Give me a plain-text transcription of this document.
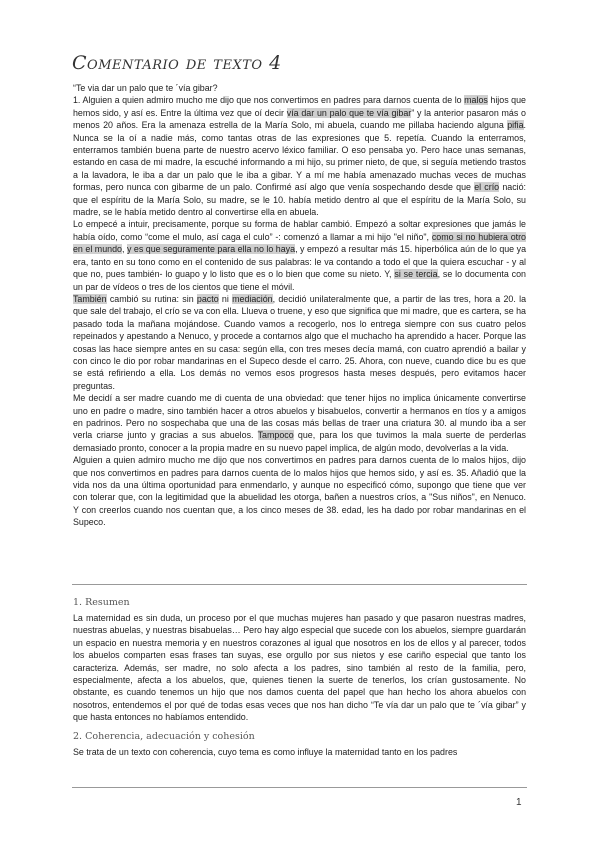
Comentario de texto 4

“Te via dar un palo que te ´vía gibar?

1. Alguien a quien admiro mucho me dijo que nos convertimos en padres para darnos cuenta de lo malos hijos que hemos sido, y así es. Entre la última vez que oí decir vía dar un palo que te vía gibar” y la anterior pasaron más o menos 20 años. Era la amenaza estrella de la María Solo, mi abuela, cuando me pillaba haciendo alguna pifia. Nunca se la oí a nadie más, como tantas otras de las expresiones que 5. repetía. Cuando la enterramos, enterramos también buena parte de nuestro acervo léxico familiar. O eso pensaba yo. Pero hace unas semanas, estando en casa de mi madre, la escuché informando a mi hijo, su primer nieto, de que, si seguía metiendo trastos a la lavadora, le iba a dar un palo que le iba a gibar. Y a mí me había amenazado muchas veces de muchas formas, pero nunca con gibarme de un palo. Confirmé así algo que venía sospechando desde que el crío nació: que el espíritu de la María Solo, su madre, se le 10. había metido dentro al que el espíritu de la María Solo, su madre, se le había metido dentro al convertirse ella en abuela.

Lo empecé a intuir, precisamente, porque su forma de hablar cambió. Empezó a soltar expresiones que jamás le había oído, como “come el mulo, así caga el culo” -: comenzó a llamar a mi hijo "el niño", como si no hubiera otro en el mundo, y es que seguramente para ella no lo haya, y empezó a resultar más 15. hiperbólica aún de lo que ya era, tanto en su tono como en el contenido de sus palabras: le va contando a todo el que la quiera escuchar - y al que no, pues también- lo guapo y lo listo que es o lo bien que come su nieto. Y, si se tercia, se lo documenta con un par de vídeos o tres de los cientos que tiene el móvil.

También cambió su rutina: sin pacto ni mediación, decidió unilateralmente que, a partir de las tres, hora a 20. la que sale del trabajo, el crío se va con ella. Llueva o truene, y eso que significa que mi madre, que es cartera, se ha pasado toda la mañana mojándose. Cuando vamos a recogerlo, nos lo entrega siempre con sus cuatro pelos repeinados y apestando a Nenuco, y procede a contarnos algo que el muchacho ha aprendido a hacer. Porque las cosas las hace siempre antes en su casa: según ella, con tres meses decía mamá, con cuatro aprendió a bailar y con cinco le dio por robar mandarinas en el Supeco desde el carro. 25. Ahora, con nueve, cuando dice bu es que se está refiriendo a ella. Los demás no vemos esos progresos hasta meses después, pero evitamos hacer preguntas.

Me decidí a ser madre cuando me di cuenta de una obviedad: que tener hijos no implica únicamente convertirse uno en padre o madre, sino también hacer a otros abuelos y bisabuelos, convertir a hermanos en tíos y a amigos en padrinos. Pero no sospechaba que una de las cosas más bellas de traer una criatura 30. al mundo iba a ser verla criarse junto y gracias a sus abuelos. Tampoco que, para los que tuvimos la mala suerte de perderlas demasiado pronto, conocer a la propia madre en su nuevo papel implica, de algún modo, devolverlas a la vida.

Alguien a quien admiro mucho me dijo que nos convertimos en padres para darnos cuenta de lo malos hijos, dijo que nos convertimos en padres para darnos cuenta de lo malos hijos que hemos sido, y así es. 35. Añadió que la vida nos da una última oportunidad para enmendarlo, y aunque no especificó cómo, supongo que tiene que ver con tolerar que, con la legitimidad que la abuelidad les otorga, bañen a nuestros críos, a "Sus niños", en Nenuco. Y con creerlos cuando nos cuentan que, a los cinco meses de 38. edad, les ha dado por robar mandarinas en el Supeco.

1. Resumen
La maternidad es sin duda, un proceso por el que muchas mujeres han pasado y que pasaron nuestras madres, nuestras abuelas, y nuestras bisabuelas… Pero hay algo especial que sucede con los abuelos, siempre guardarán un espacio en nuestra memoria y en nuestros corazones al igual que nosotros en los de ellos y al parecer, todos los abuelos comparten esas frases tan suyas, ese orgullo por sus nietos y ese cariño especial que tanto los caracteriza. Además, ser madre, no solo afecta a los padres, sino también al resto de la familia, pero, especialmente, afecta a los abuelos, que, quienes tienen la suerte de tenerlos, los crían gustosamente. No obstante, es cuando tenemos un hijo que nos damos cuenta del papel que han hecho los ahora abuelos con nosotros, entendemos el por qué de todas esas veces que nos han dicho “Te vía dar un palo que te ´vía gibar” y que hasta entonces no habíamos entendido.
2. Coherencia, adecuación y cohesión
Se trata de un texto con coherencia, cuyo tema es como influye la maternidad tanto en los padres
1
